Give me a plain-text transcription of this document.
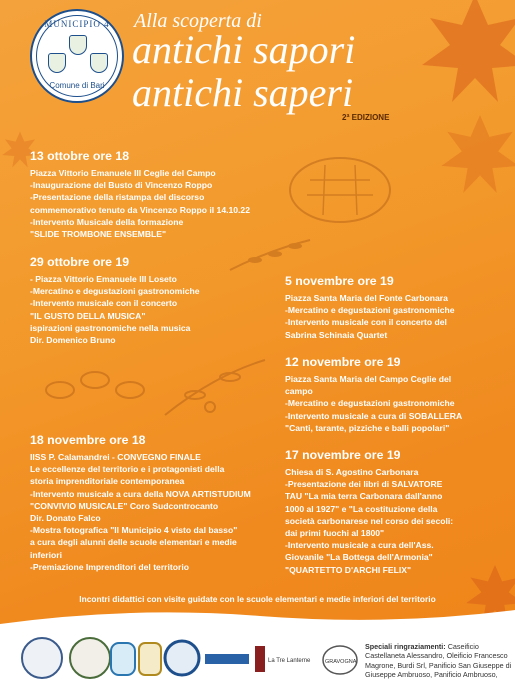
MUNICIPIO 4
Comune di Bari
Alla scoperta di
antichi sapori
antichi saperi
2ª EDIZIONE
13 ottobre ore 18
Piazza Vittorio Emanuele III Ceglie del Campo
-Inaugurazione del Busto di Vincenzo Roppo
-Presentazione della ristampa del discorso
commemorativo tenuto da Vincenzo Roppo il 14.10.22
-Intervento Musicale della formazione
"SLIDE TROMBONE ENSEMBLE"
29 ottobre ore 19
- Piazza Vittorio Emanuele III Loseto
-Mercatino e degustazioni gastronomiche
-Intervento musicale con il concerto
"IL GUSTO DELLA MUSICA"
ispirazioni gastronomiche nella musica
Dir. Domenico Bruno
5 novembre ore 19
Piazza Santa Maria del Fonte Carbonara
-Mercatino e degustazioni gastronomiche
-Intervento musicale con il concerto del
Sabrina Schinaia Quartet
12 novembre ore 19
Piazza Santa Maria del Campo Ceglie del
campo
-Mercatino e degustazioni gastronomiche
-Intervento musicale a cura di SOBALLERA
"Canti, tarante, pizziche e balli popolari"
17 novembre ore 19
Chiesa di S. Agostino Carbonara
-Presentazione dei libri di SALVATORE
TAU "La mia terra Carbonara dall'anno
1000 al 1927" e "La costituzione della
società carbonarese nel corso dei secoli:
dai primi fuochi al 1800"
-Intervento musicale a cura dell'Ass.
Giovanile "La Bottega dell'Armonia"
"QUARTETTO D'ARCHI FELIX"
18 novembre ore 18
IISS P. Calamandrei - CONVEGNO FINALE
Le eccellenze del territorio e i protagonisti della
storia imprenditoriale contemporanea
-Intervento musicale a cura della NOVA ARTISTUDIUM
"CONVIVIO MUSICALE" Coro Sudcontrocanto
Dir. Donato Falco
-Mostra fotografica "Il Municipio 4 visto dal basso"
a cura degli alunni delle scuole elementari e medie
inferiori
-Premiazione Imprenditori del territorio
Incontri didattici con visite guidate con le scuole elementari e medie inferiori del territorio
La Tre Lanterne	GRAVOGNA
Speciali ringraziamenti: Caseificio Castellaneta Alessandro, Oleificio Francesco Magrone, Burdi Srl, Panificio San Giuseppe di Giuseppe Ambruoso, Panificio Ambruoso,
